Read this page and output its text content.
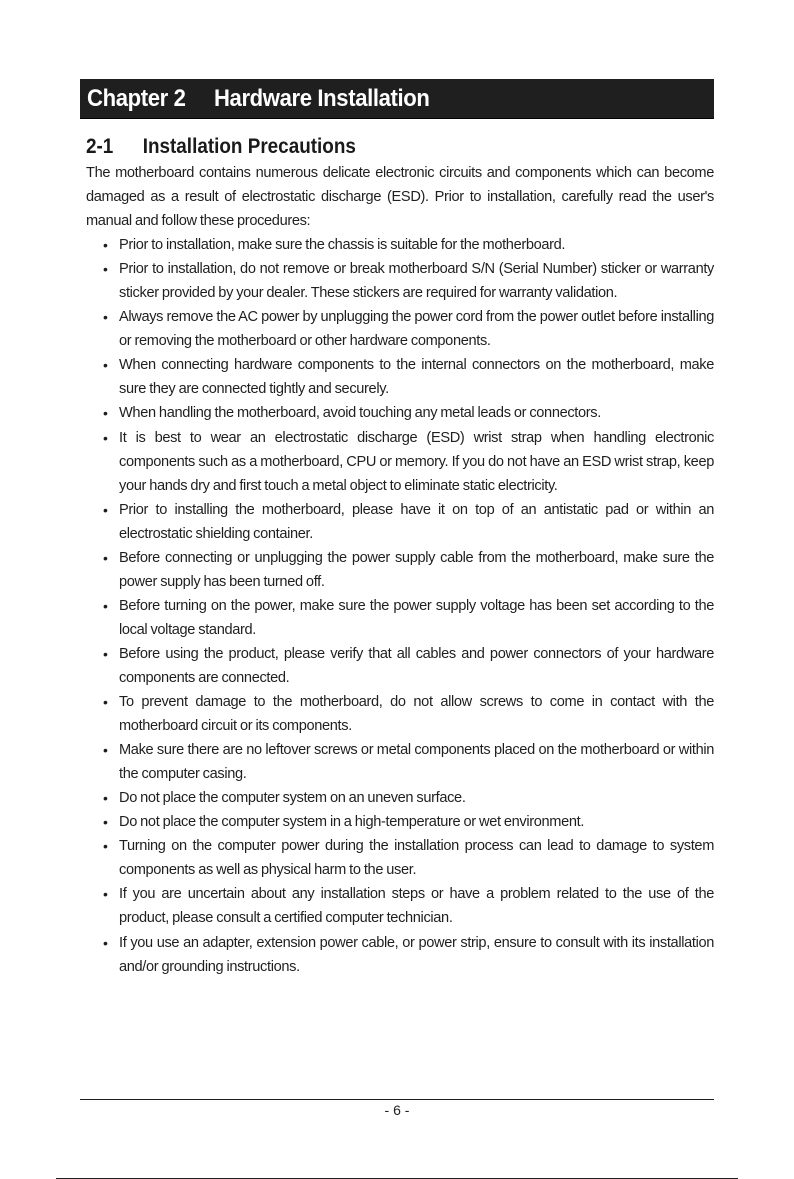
Chapter 2 Hardware Installation
2-1 Installation Precautions

The motherboard contains numerous delicate electronic circuits and components which can become damaged as a result of electrostatic discharge (ESD). Prior to installation, carefully read the user's manual and follow these procedures:

• Prior to installation, make sure the chassis is suitable for the motherboard.
• Prior to installation, do not remove or break motherboard S/N (Serial Number) sticker or warranty sticker provided by your dealer. These stickers are required for warranty validation.
• Always remove the AC power by unplugging the power cord from the power outlet before installing or removing the motherboard or other hardware components.
• When connecting hardware components to the internal connectors on the motherboard, make sure they are connected tightly and securely.
• When handling the motherboard, avoid touching any metal leads or connectors.
• It is best to wear an electrostatic discharge (ESD) wrist strap when handling electronic components such as a motherboard, CPU or memory. If you do not have an ESD wrist strap, keep your hands dry and first touch a metal object to eliminate static electricity.
• Prior to installing the motherboard, please have it on top of an antistatic pad or within an electrostatic shielding container.
• Before connecting or unplugging the power supply cable from the motherboard, make sure the power supply has been turned off.
• Before turning on the power, make sure the power supply voltage has been set according to the local voltage standard.
• Before using the product, please verify that all cables and power connectors of your hardware components are connected.
• To prevent damage to the motherboard, do not allow screws to come in contact with the motherboard circuit or its components.
• Make sure there are no leftover screws or metal components placed on the motherboard or within the computer casing.
• Do not place the computer system on an uneven surface.
• Do not place the computer system in a high-temperature or wet environment.
• Turning on the computer power during the installation process can lead to damage to system components as well as physical harm to the user.
• If you are uncertain about any installation steps or have a problem related to the use of the product, please consult a certified computer technician.
• If you use an adapter, extension power cable, or power strip, ensure to consult with its installation and/or grounding instructions.
- 6 -
